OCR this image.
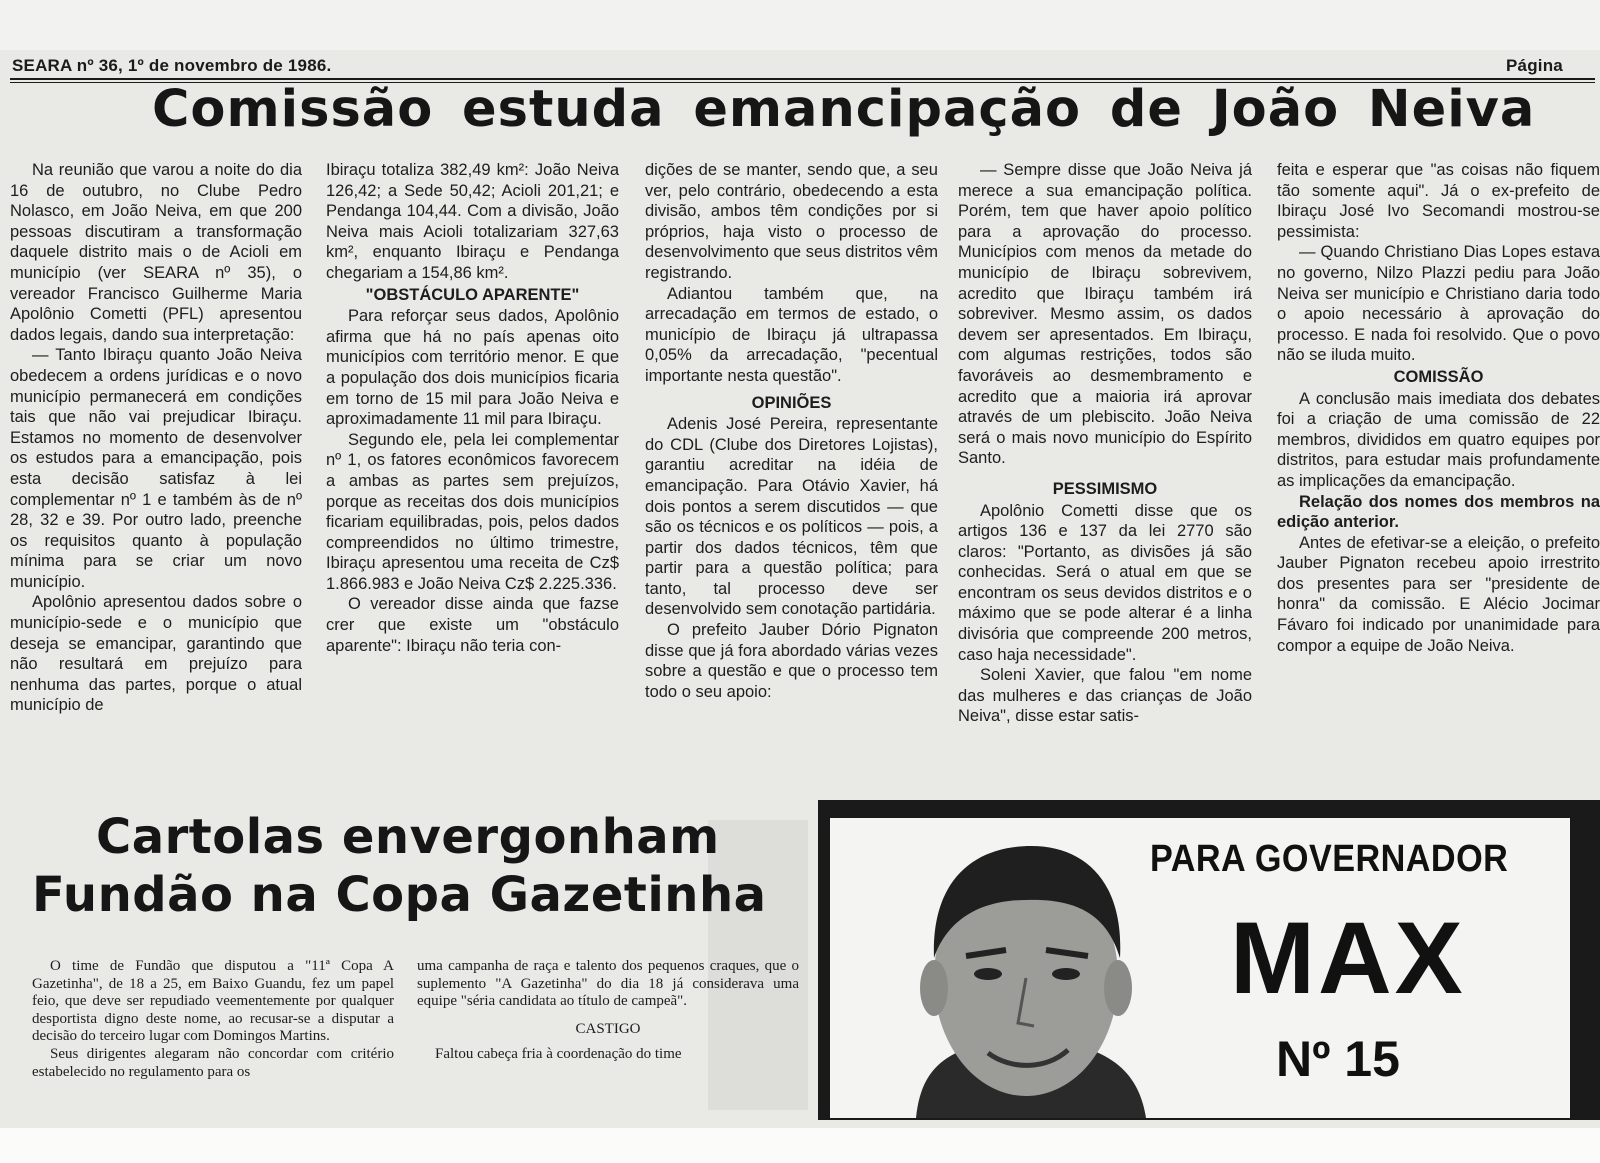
SEARA nº 36, 1º de novembro de 1986.	Página
Comissão estuda emancipação de João Neiva

Na reunião que varou a noite do dia 16 de outubro, no Clube Pedro Nolasco, em João Neiva, em que 200 pessoas discutiram a transformação daquele distrito mais o de Acioli em município (ver SEARA nº 35), o vereador Francisco Guilherme Maria Apolônio Cometti (PFL) apresentou dados legais, dando sua interpretação:

— Tanto Ibiraçu quanto João Neiva obedecem a ordens jurídicas e o novo município permanecerá em condições tais que não vai prejudicar Ibiraçu. Estamos no momento de desenvolver os estudos para a emancipação, pois esta decisão satisfaz à lei complementar nº 1 e também às de nº 28, 32 e 39. Por outro lado, preenche os requisitos quanto à população mínima para se criar um novo município.

Apolônio apresentou dados sobre o município-sede e o município que deseja se emancipar, garantindo que não resultará em prejuízo para nenhuma das partes, porque o atual município de

Ibiraçu totaliza 382,49 km²: João Neiva 126,42; a Sede 50,42; Acioli 201,21; e Pendanga 104,44. Com a divisão, João Neiva mais Acioli totalizariam 327,63 km², enquanto Ibiraçu e Pendanga chegariam a 154,86 km².

"OBSTÁCULO APARENTE"

Para reforçar seus dados, Apolônio afirma que há no país apenas oito municípios com território menor. E que a população dos dois municípios ficaria em torno de 15 mil para João Neiva e aproximadamente 11 mil para Ibiraçu.

Segundo ele, pela lei complementar nº 1, os fatores econômicos favorecem a ambas as partes sem prejuízos, porque as receitas dos dois municípios ficariam equilibradas, pois, pelos dados compreendidos no último trimestre, Ibiraçu apresentou uma receita de Cz$ 1.866.983 e João Neiva Cz$ 2.225.336.

O vereador disse ainda que fazse crer que existe um "obstáculo aparente": Ibiraçu não teria con-

dições de se manter, sendo que, a seu ver, pelo contrário, obedecendo a esta divisão, ambos têm condições por si próprios, haja visto o processo de desenvolvimento que seus distritos vêm registrando.

Adiantou também que, na arrecadação em termos de estado, o município de Ibiraçu já ultrapassa 0,05% da arrecadação, "pecentual importante nesta questão".

OPINIÕES

Adenis José Pereira, representante do CDL (Clube dos Diretores Lojistas), garantiu acreditar na idéia de emancipação. Para Otávio Xavier, há dois pontos a serem discutidos — que são os técnicos e os políticos — pois, a partir dos dados técnicos, têm que partir para a questão política; para tanto, tal processo deve ser desenvolvido sem conotação partidária.

O prefeito Jauber Dório Pignaton disse que já fora abordado várias vezes sobre a questão e que o processo tem todo o seu apoio:

— Sempre disse que João Neiva já merece a sua emancipação política. Porém, tem que haver apoio político para a aprovação do processo. Municípios com menos da metade do município de Ibiraçu sobrevivem, acredito que Ibiraçu também irá sobreviver. Mesmo assim, os dados devem ser apresentados. Em Ibiraçu, com algumas restrições, todos são favoráveis ao desmembramento e acredito que a maioria irá aprovar através de um plebiscito. João Neiva será o mais novo município do Espírito Santo.

PESSIMISMO

Apolônio Cometti disse que os artigos 136 e 137 da lei 2770 são claros: "Portanto, as divisões já são conhecidas. Será o atual em que se encontram os seus devidos distritos e o máximo que se pode alterar é a linha divisória que compreende 200 metros, caso haja necessidade".

Soleni Xavier, que falou "em nome das mulheres e das crianças de João Neiva", disse estar satis-

feita e esperar que "as coisas não fiquem tão somente aqui". Já o ex-prefeito de Ibiraçu José Ivo Secomandi mostrou-se pessimista:

— Quando Christiano Dias Lopes estava no governo, Nilzo Plazzi pediu para João Neiva ser município e Christiano daria todo o apoio necessário à aprovação do processo. E nada foi resolvido. Que o povo não se iluda muito.

COMISSÃO

A conclusão mais imediata dos debates foi a criação de uma comissão de 22 membros, divididos em quatro equipes por distritos, para estudar mais profundamente as implicações da emancipação.

Relação dos nomes dos membros na edição anterior.

Antes de efetivar-se a eleição, o prefeito Jauber Pignaton recebeu apoio irrestrito dos presentes para ser "presidente de honra" da comissão. E Alécio Jocimar Fávaro foi indicado por unanimidade para compor a equipe de João Neiva.

Cartolas envergonham
Fundão na Copa Gazetinha

O time de Fundão que disputou a "11ª Copa A Gazetinha", de 18 a 25, em Baixo Guandu, fez um papel feio, que deve ser repudiado veementemente por qualquer desportista digno deste nome, ao recusar-se a disputar a decisão do terceiro lugar com Domingos Martins.

Seus dirigentes alegaram não concordar com critério estabelecido no regulamento para os

uma campanha de raça e talento dos pequenos craques, que o suplemento "A Gazetinha" do dia 18 já considerava uma equipe "séria candidata ao título de campeã".

CASTIGO

Faltou cabeça fria à coordenação do time

PARA GOVERNADOR
MAX
Nº 15
